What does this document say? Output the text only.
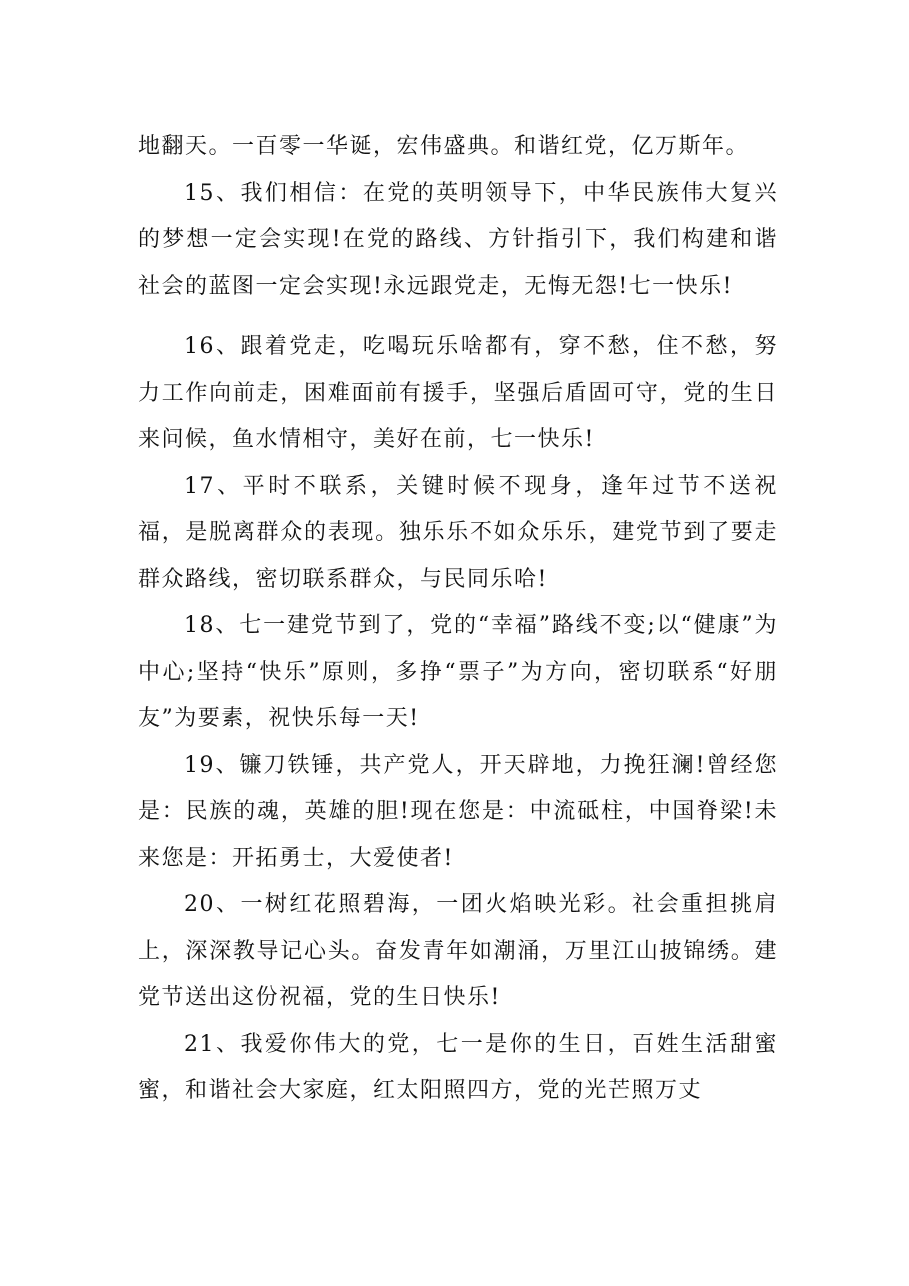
地翻天。一百零一华诞，宏伟盛典。和谐红党，亿万斯年。

15、我们相信：在党的英明领导下，中华民族伟大复兴的梦想一定会实现!在党的路线、方针指引下，我们构建和谐社会的蓝图一定会实现!永远跟党走，无悔无怨!七一快乐!

16、跟着党走，吃喝玩乐啥都有，穿不愁，住不愁，努力工作向前走，困难面前有援手，坚强后盾固可守，党的生日来问候，鱼水情相守，美好在前，七一快乐!

17、平时不联系，关键时候不现身，逢年过节不送祝福，是脱离群众的表现。独乐乐不如众乐乐，建党节到了要走群众路线，密切联系群众，与民同乐哈!

18、七一建党节到了，党的“幸福”路线不变;以“健康”为中心;坚持“快乐”原则，多挣“票子”为方向，密切联系“好朋友”为要素，祝快乐每一天!

19、镰刀铁锤，共产党人，开天辟地，力挽狂澜!曾经您是：民族的魂，英雄的胆!现在您是：中流砥柱，中国脊梁!未来您是：开拓勇士，大爱使者!

20、一树红花照碧海，一团火焰映光彩。社会重担挑肩上，深深教导记心头。奋发青年如潮涌，万里江山披锦绣。建党节送出这份祝福，党的生日快乐!

21、我爱你伟大的党，七一是你的生日，百姓生活甜蜜蜜，和谐社会大家庭，红太阳照四方，党的光芒照万丈
